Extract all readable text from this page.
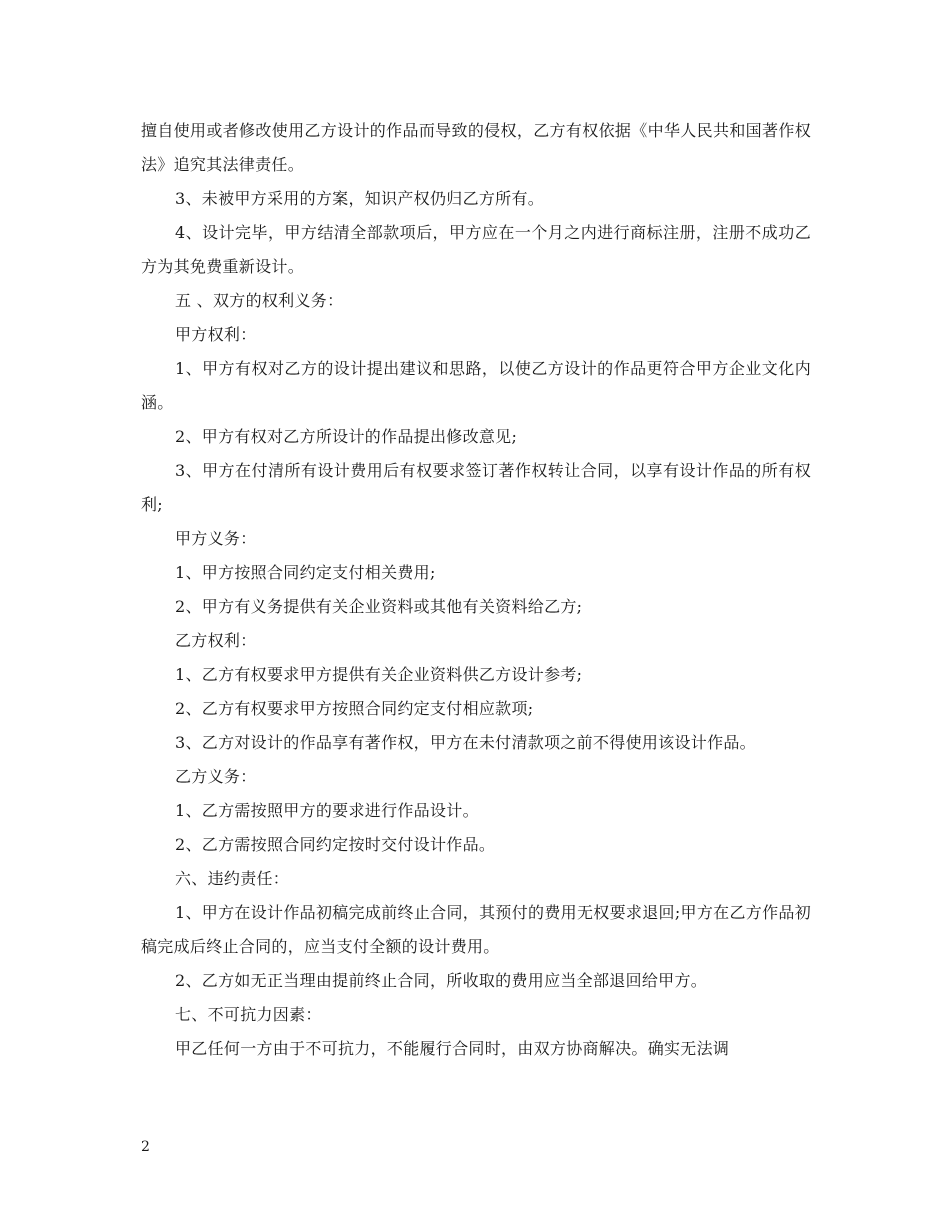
擅自使用或者修改使用乙方设计的作品而导致的侵权，乙方有权依据《中华人民共和国著作权法》追究其法律责任。

3、未被甲方采用的方案，知识产权仍归乙方所有。

4、设计完毕，甲方结清全部款项后，甲方应在一个月之内进行商标注册，注册不成功乙方为其免费重新设计。

五 、双方的权利义务：

甲方权利：

1、甲方有权对乙方的设计提出建议和思路，以使乙方设计的作品更符合甲方企业文化内涵。

2、甲方有权对乙方所设计的作品提出修改意见;

3、甲方在付清所有设计费用后有权要求签订著作权转让合同，以享有设计作品的所有权利;

甲方义务：

1、甲方按照合同约定支付相关费用;

2、甲方有义务提供有关企业资料或其他有关资料给乙方;

乙方权利：

1、乙方有权要求甲方提供有关企业资料供乙方设计参考;

2、乙方有权要求甲方按照合同约定支付相应款项;

3、乙方对设计的作品享有著作权，甲方在未付清款项之前不得使用该设计作品。

乙方义务：

1、乙方需按照甲方的要求进行作品设计。

2、乙方需按照合同约定按时交付设计作品。

六、违约责任：

1、甲方在设计作品初稿完成前终止合同，其预付的费用无权要求退回;甲方在乙方作品初稿完成后终止合同的，应当支付全额的设计费用。

2、乙方如无正当理由提前终止合同，所收取的费用应当全部退回给甲方。

七、不可抗力因素：

甲乙任何一方由于不可抗力，不能履行合同时，由双方协商解决。确实无法调

2
